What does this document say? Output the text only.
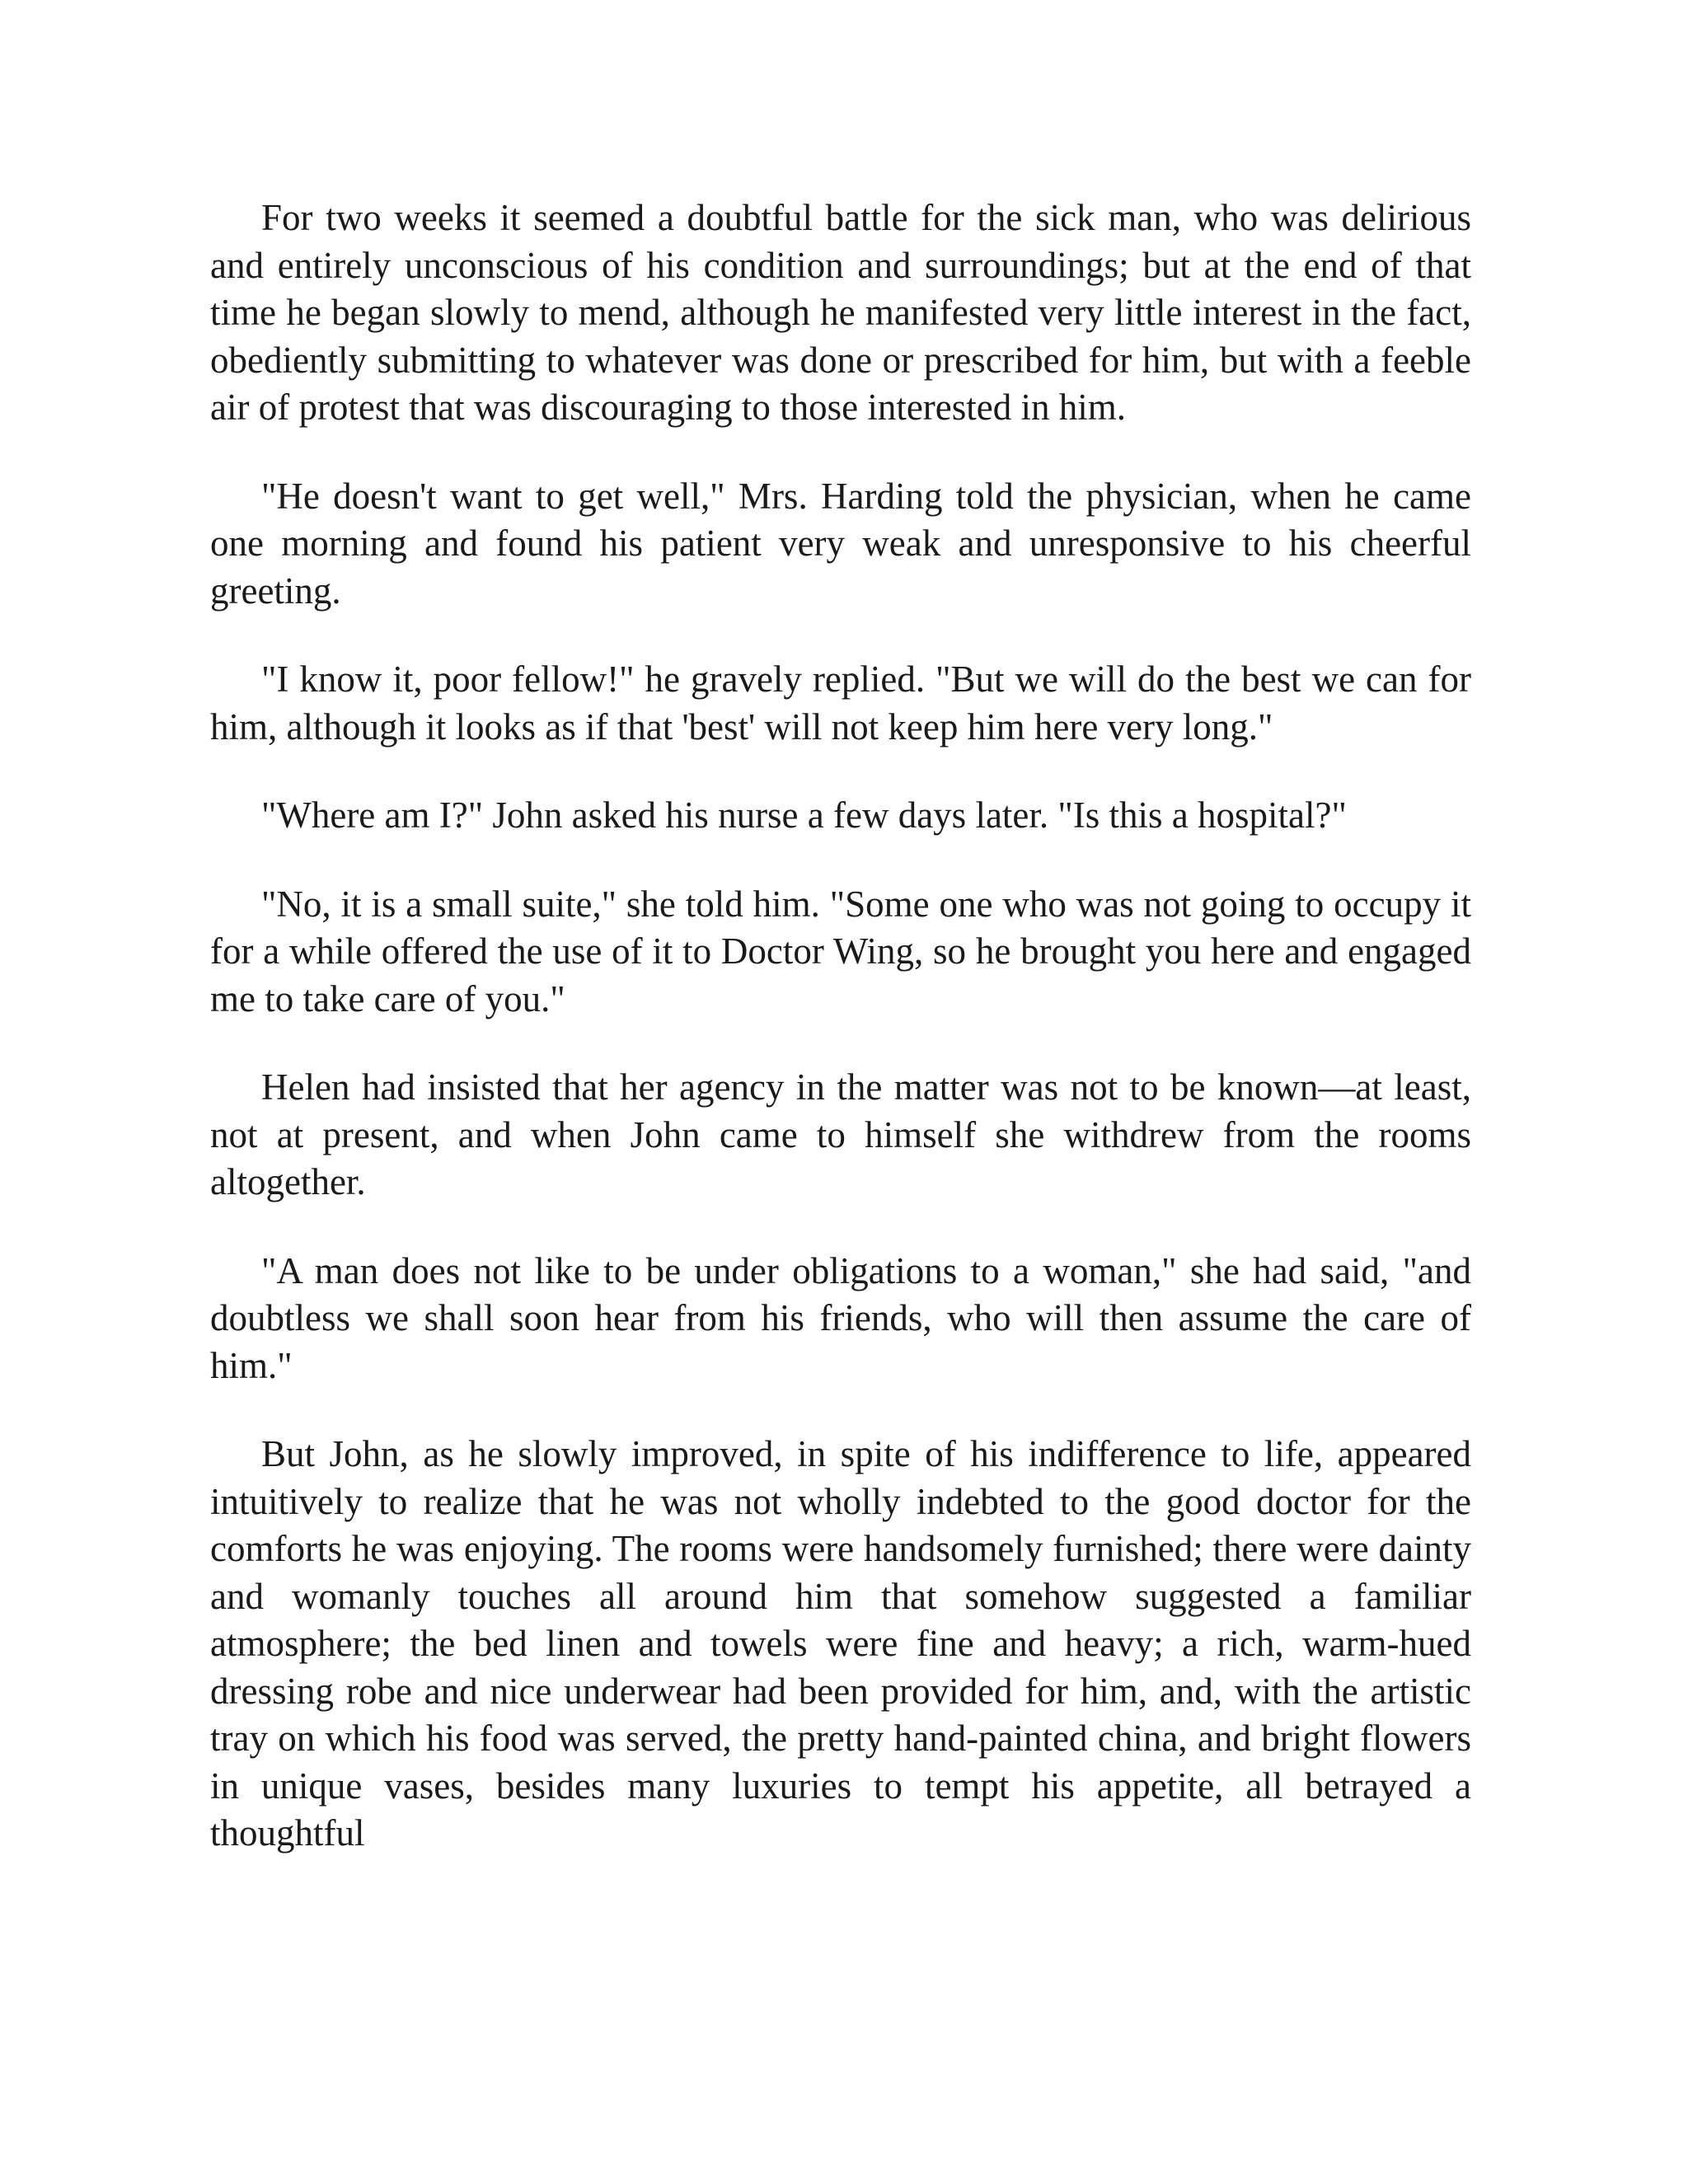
For two weeks it seemed a doubtful battle for the sick man, who was delirious and entirely unconscious of his condition and surroundings; but at the end of that time he began slowly to mend, although he manifested very little interest in the fact, obediently submitting to whatever was done or prescribed for him, but with a feeble air of protest that was discouraging to those interested in him.

"He doesn't want to get well," Mrs. Harding told the physician, when he came one morning and found his patient very weak and unresponsive to his cheerful greeting.

"I know it, poor fellow!" he gravely replied. "But we will do the best we can for him, although it looks as if that 'best' will not keep him here very long."

"Where am I?" John asked his nurse a few days later. "Is this a hospital?"

"No, it is a small suite," she told him. "Some one who was not going to occupy it for a while offered the use of it to Doctor Wing, so he brought you here and engaged me to take care of you."

Helen had insisted that her agency in the matter was not to be known—at least, not at present, and when John came to himself she withdrew from the rooms altogether.

"A man does not like to be under obligations to a woman," she had said, "and doubtless we shall soon hear from his friends, who will then assume the care of him."

But John, as he slowly improved, in spite of his indifference to life, appeared intuitively to realize that he was not wholly indebted to the good doctor for the comforts he was enjoying. The rooms were handsomely furnished; there were dainty and womanly touches all around him that somehow suggested a familiar atmosphere; the bed linen and towels were fine and heavy; a rich, warm-hued dressing robe and nice underwear had been provided for him, and, with the artistic tray on which his food was served, the pretty hand-painted china, and bright flowers in unique vases, besides many luxuries to tempt his appetite, all betrayed a thoughtful
